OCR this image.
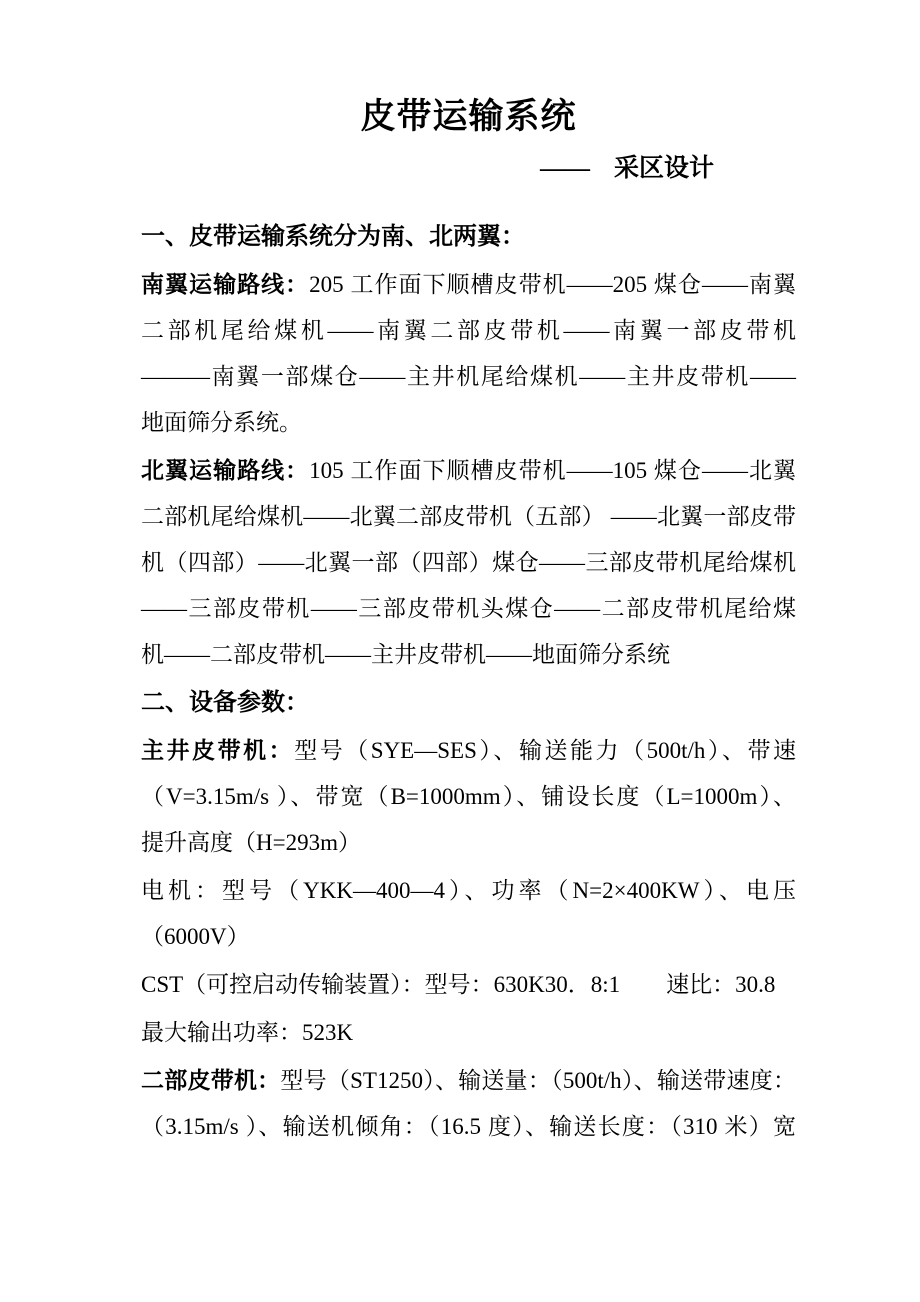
皮带运输系统
—— 采区设计
一、皮带运输系统分为南、北两翼：
南翼运输路线：205 工作面下顺槽皮带机——205 煤仓——南翼
二部机尾给煤机——南翼二部皮带机——南翼一部皮带机
———南翼一部煤仓——主井机尾给煤机——主井皮带机——
地面筛分系统。
北翼运输路线：105 工作面下顺槽皮带机——105 煤仓——北翼
二部机尾给煤机——北翼二部皮带机（五部） ——北翼一部皮带
机（四部）——北翼一部（四部）煤仓——三部皮带机尾给煤机
——三部皮带机——三部皮带机头煤仓——二部皮带机尾给煤
机——二部皮带机——主井皮带机——地面筛分系统
二、设备参数：
主井皮带机：型号（SYE—SES）、输送能力（500t/h）、带速
（V=3.15m/s ）、带宽（B=1000mm）、铺设长度（L=1000m）、
提升高度（H=293m）
电机：型号（YKK—400—4）、功率（N=2×400KW）、电压
（6000V）
CST（可控启动传输装置）：型号：630K30．8:1　　速比：30.8
最大输出功率：523K
二部皮带机：型号（ST1250）、输送量：（500t/h）、输送带速度：
（3.15m/s ）、输送机倾角：（16.5 度）、输送长度：（310 米）宽
